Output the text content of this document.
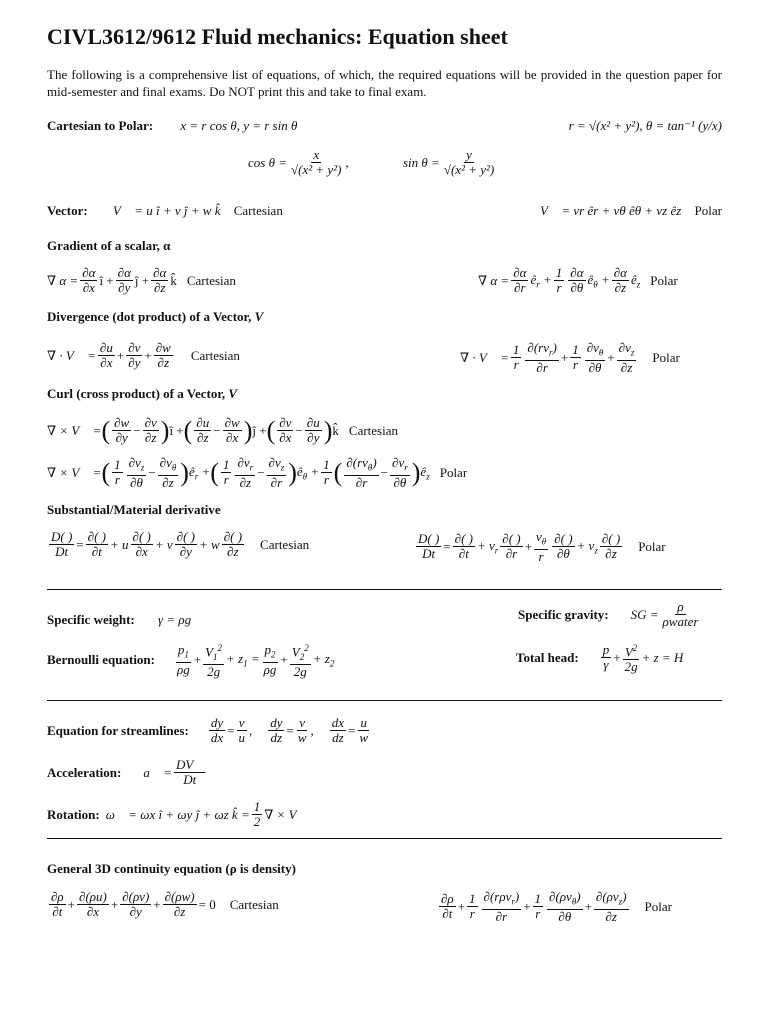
CIVL3612/9612 Fluid mechanics: Equation sheet

The following is a comprehensive list of equations, of which, the required equations will be provided in the question paper for mid-semester and final exams. Do NOT print this and take to final exam.

Cartesian to Polar: x = r cos θ, y = r sin θ	r = √(x² + y²), θ = tan⁻¹ (y/x)
$\cos \theta = \frac{x}{\text{√(x² + y²)}}$ ,	$\sin \theta = \frac{y}{\text{√(x² + y²)}}$
Vector: V⃗ = u î + v ĵ + w k̂ Cartesian	V⃗ = vr êr + vθ êθ + vz êz Polar
Gradient of a scalar, α
∇ $\alpha = \frac{\partial\alpha}{\partial x}$ î + $\frac{\partial\alpha}{\partial y}$ ĵ + $\frac{\partial\alpha}{\partial z}$ k̂ Cartesian	∇ $\alpha = \frac{\partial\alpha}{\partial r}$ $ê_r + \frac{1}{r} \frac{\partial\alpha}{\partial\theta}$ $ê_\theta + \frac{\partial\alpha}{\partial z}$ $ê_z$ Polar
Divergence (dot product) of a Vector, V⃗
∇ · V⃗ = $\frac{\partial u}{\partial x} + \frac{\partial v}{\partial y} + \frac{\partial w}{\partial z}$ Cartesian	∇ · V⃗ = $\frac{1}{r} \frac{\partial(rv_r)}{\partial r} + \frac{1}{r} \frac{\partial v_\theta}{\partial\theta} + \frac{\partial v_z}{\partial z}$ Polar
Curl (cross product) of a Vector, V⃗
∇ × V⃗ = ( $\frac{\partial w}{\partial y} - \frac{\partial v}{\partial z}$ ) î + ( $\frac{\partial u}{\partial z} - \frac{\partial w}{\partial x}$ ) ĵ + ( $\frac{\partial v}{\partial x} - \frac{\partial u}{\partial y}$ ) k̂ Cartesian
∇ × V⃗ = ( $\frac{1}{r} \frac{\partial v_z}{\partial\theta} - \frac{\partial v_\theta}{\partial z}$ ) $ê_r$ + ( $\frac{1}{r} \frac{\partial v_r}{\partial z} - \frac{\partial v_z}{\partial r}$ ) $ê_\theta + \frac{1}{r}$ ( $\frac{\partial(rv_\theta)}{\partial r} - \frac{\partial v_r}{\partial\theta}$ ) $ê_z$ Polar
Substantial/Material derivative
$\frac{D( )}{Dt} = \frac{\partial( )}{\partial t} + u \frac{\partial( )}{\partial x} + v \frac{\partial( )}{\partial y} + w \frac{\partial( )}{\partial z}$ Cartesian	$\frac{D( )}{Dt} = \frac{\partial( )}{\partial t} + v_r \frac{\partial( )}{\partial r} + \frac{v_\theta}{r} \frac{\partial( )}{\partial\theta} + v_z \frac{\partial( )}{\partial z}$ Polar
Specific weight: γ = ρg	Specific gravity: SG = $\frac{\rho}{\text{ρwater}}$
Bernoulli equation: $\frac{p_1}{\rho g} + \frac{V_1^2}{2g} + z_1 = \frac{p_2}{\rho g} + \frac{V_2^2}{2g} + z_2$	Total head: $\frac{p}{\gamma} + \frac{V^2}{2g} + z = H$
Equation for streamlines: $\frac{dy}{dx} = \frac{v}{u}$ , $\frac{dy}{dz} = \frac{v}{w}$ , $\frac{dx}{dz} = \frac{u}{w}$
Acceleration: a⃗ = $\frac{DV⃗}{Dt}$
Rotation: ω⃗ = ωx î + ωy ĵ + ωz k̂ = $\frac{1}{2}$ ∇ × V⃗
General 3D continuity equation (ρ is density)
$\frac{\partial\rho}{\partial t} + \frac{\partial(\rho u)}{\partial x} + \frac{\partial(\rho v)}{\partial y} + \frac{\partial(\rho w)}{\partial z} = 0$ Cartesian	$\frac{\partial\rho}{\partial t} + \frac{1}{r} \frac{\partial(r\rho v_r)}{\partial r} + \frac{1}{r} \frac{\partial(\rho v_\theta)}{\partial\theta} + \frac{\partial(\rho v_z)}{\partial z}$ Polar
